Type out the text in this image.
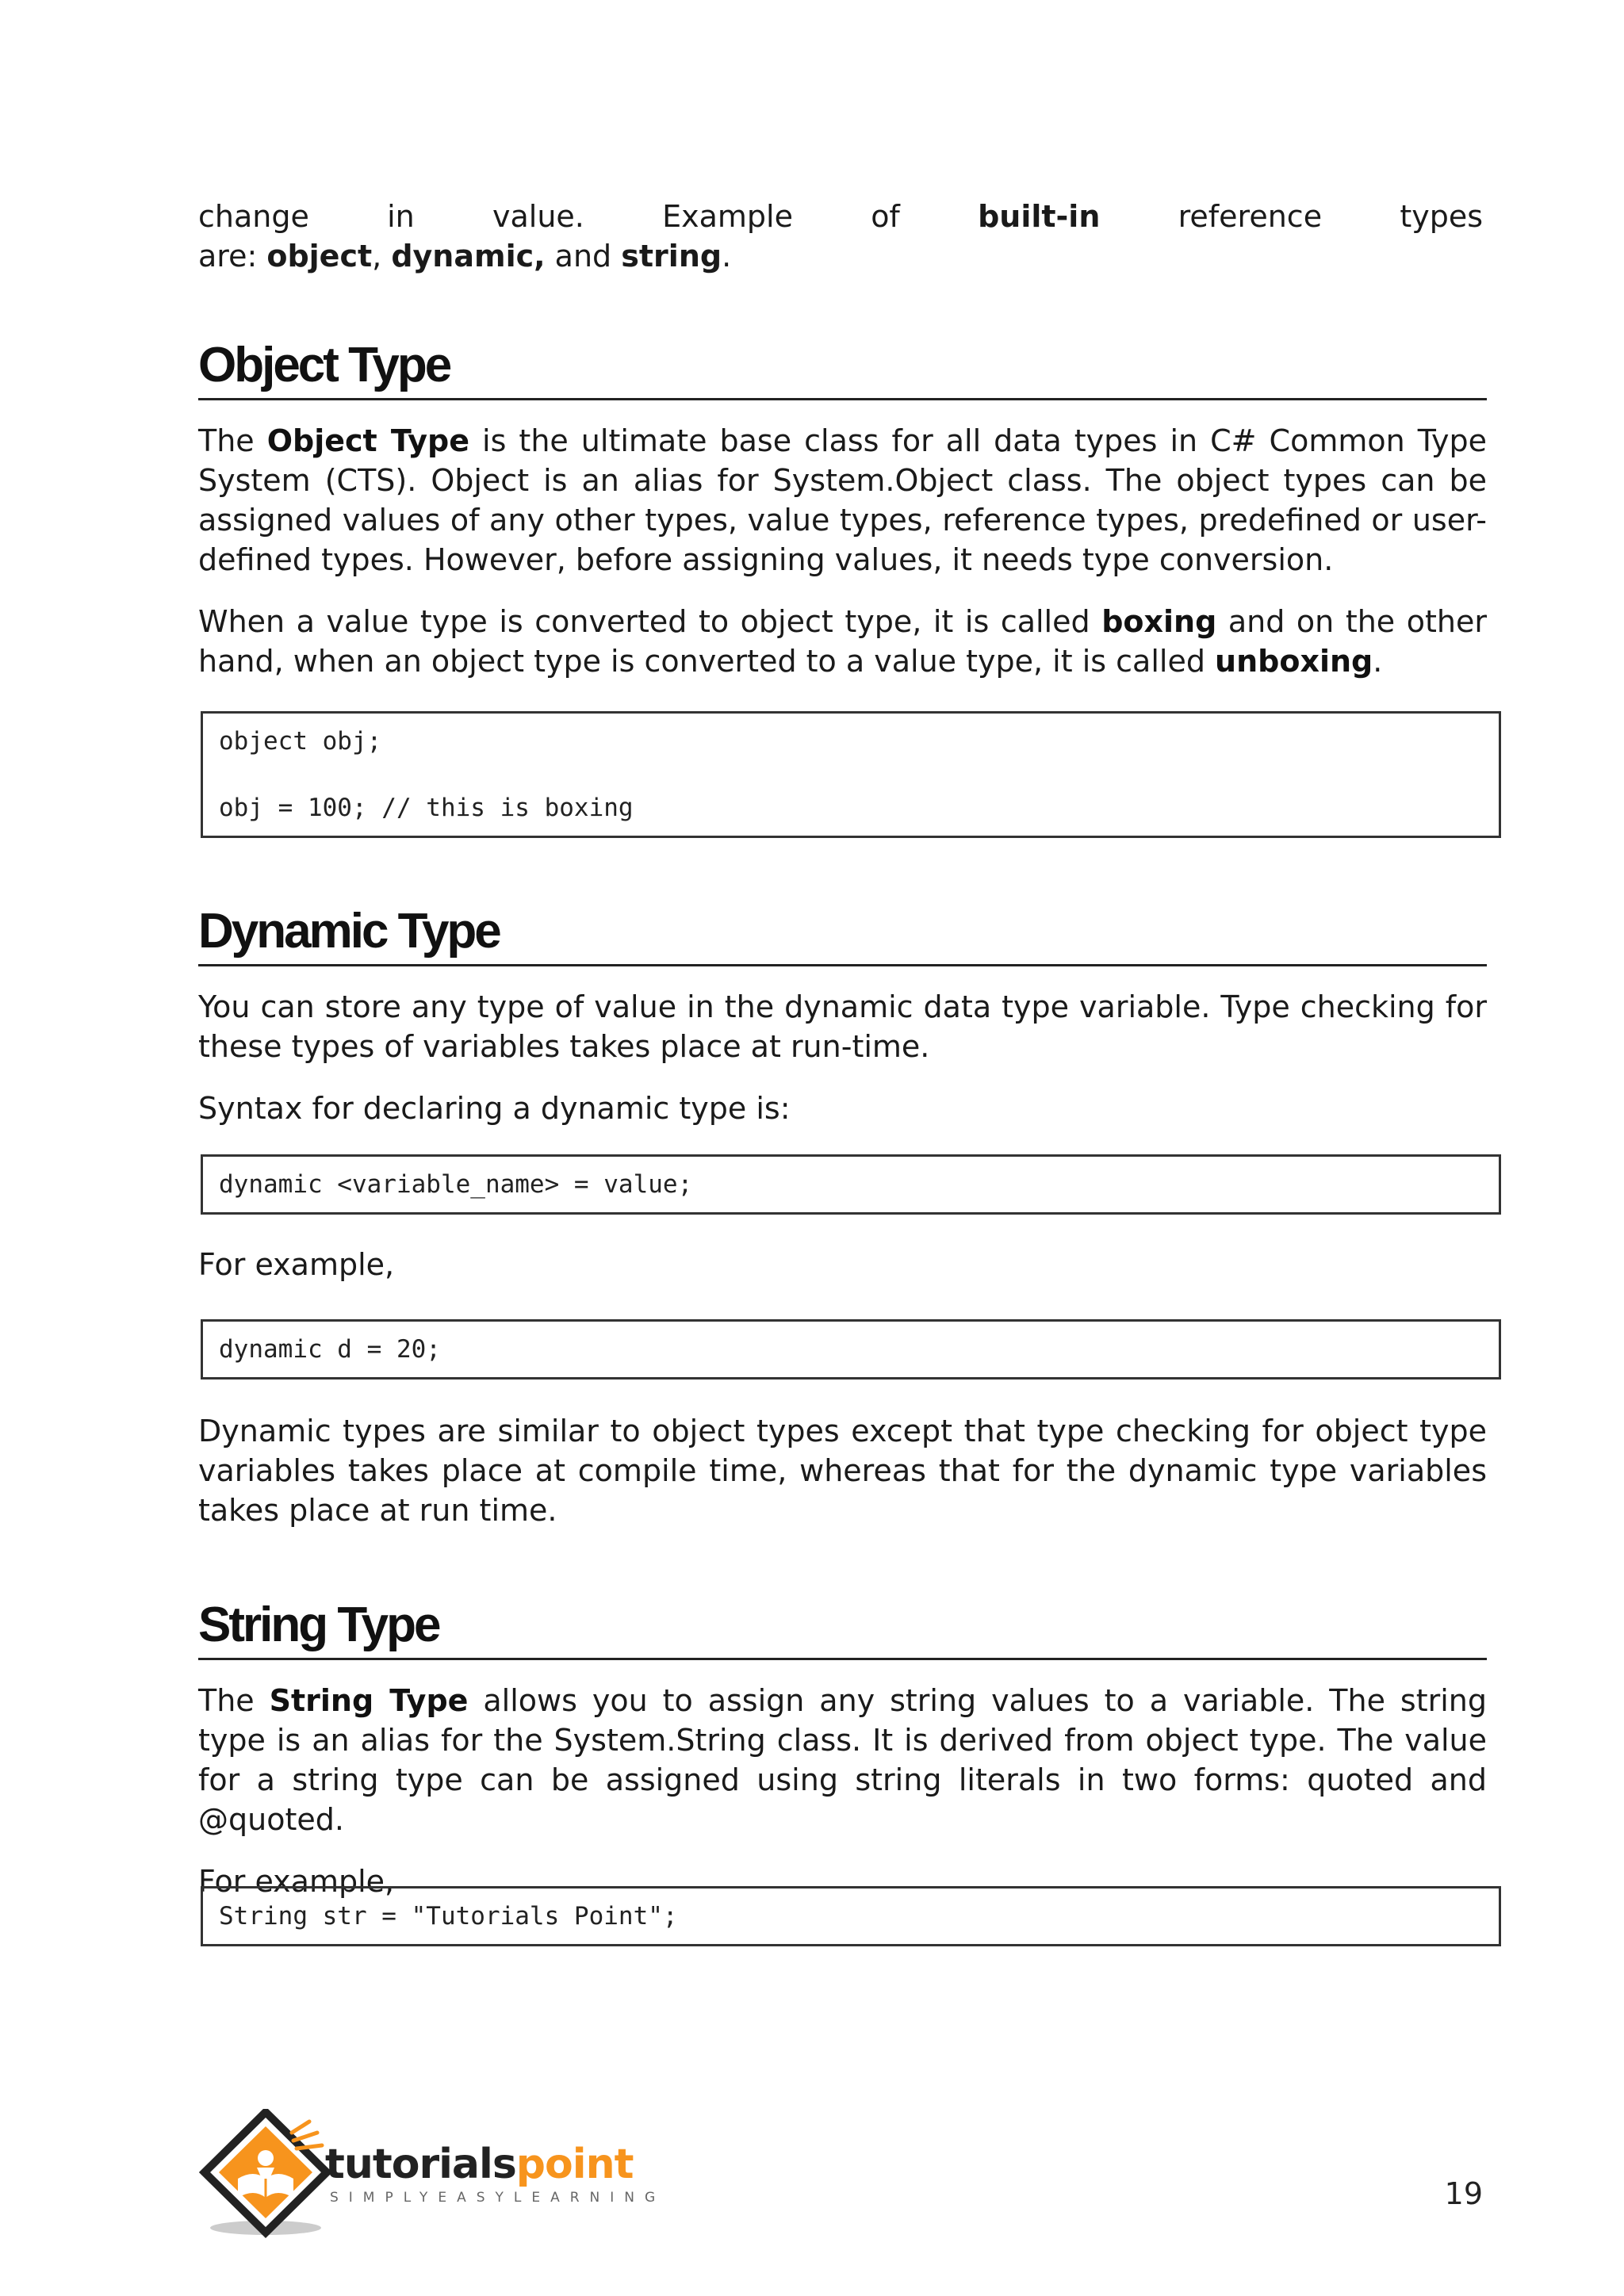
change	in	value.	Example	of	built-in	reference	types
are: object, dynamic, and string.
Object Type

The Object Type is the ultimate base class for all data types in C# Common Type System (CTS). Object is an alias for System.Object class. The object types can be assigned values of any other types, value types, reference types, predefined or user-defined types. However, before assigning values, it needs type conversion.

When a value type is converted to object type, it is called boxing and on the other hand, when an object type is converted to a value type, it is called unboxing.

object obj;

obj = 100; // this is boxing
Dynamic Type

You can store any type of value in the dynamic data type variable. Type checking for these types of variables takes place at run-time.

Syntax for declaring a dynamic type is:

dynamic <variable_name> = value;

For example,

dynamic d = 20;

Dynamic types are similar to object types except that type checking for object type variables takes place at compile time, whereas that for the dynamic type variables takes place at run time.

String Type

The String Type allows you to assign any string values to a variable. The string type is an alias for the System.String class. It is derived from object type. The value for a string type can be assigned using string literals in two forms: quoted and @quoted.

For example,

String str = "Tutorials Point";
tutorialspoint
SIMPLYEASYLEARNING	19
